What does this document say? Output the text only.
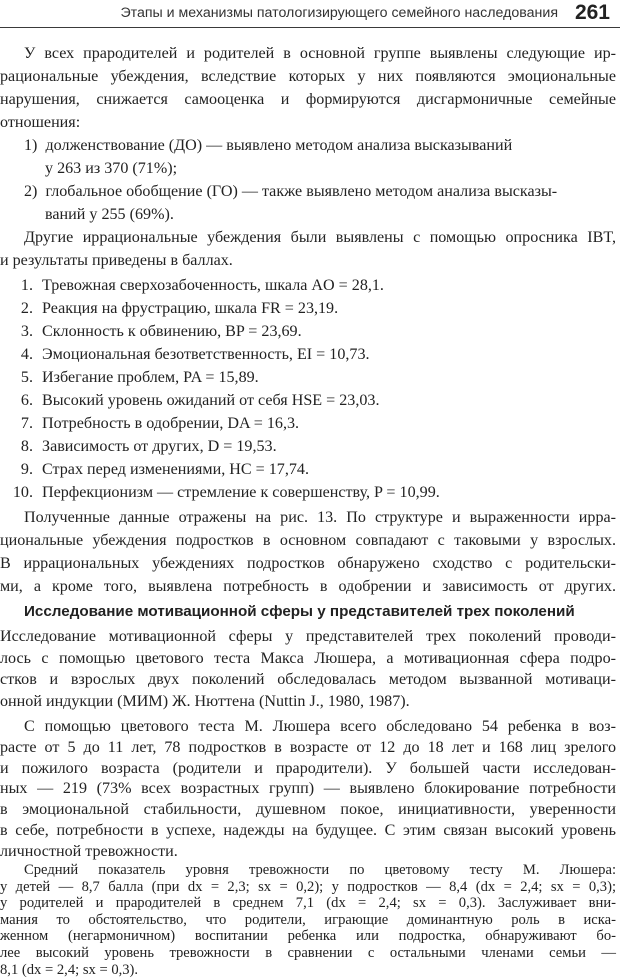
Этапы и механизмы патологизирующего семейного наследования 261

У всех прародителей и родителей в основной группе выявлены следующие ир-

рациональные убеждения, вследствие которых у них появляются эмоциональные

нарушения, снижается самооценка и формируются дисгармоничные семейные

отношения:

1) долженствование (ДО) — выявлено методом анализа высказываний

у 263 из 370 (71%);

2) глобальное обобщение (ГО) — также выявлено методом анализа высказы-

ваний у 255 (69%).

Другие иррациональные убеждения были выявлены с помощью опросника IBT,

и результаты приведены в баллах.

1. Тревожная сверхозабоченность, шкала AO = 28,1.

2. Реакция на фрустрацию, шкала FR = 23,19.

3. Склонность к обвинению, BP = 23,69.

4. Эмоциональная безответственность, EI = 10,73.

5. Избегание проблем, PA = 15,89.

6. Высокий уровень ожиданий от себя HSE = 23,03.

7. Потребность в одобрении, DA = 16,3.

8. Зависимость от других, D = 19,53.

9. Страх перед изменениями, HC = 17,74.

10. Перфекционизм — стремление к совершенству, P = 10,99.

Полученные данные отражены на рис. 13. По структуре и выраженности ирра-

циональные убеждения подростков в основном совпадают с таковыми у взрослых.

В иррациональных убеждениях подростков обнаружено сходство с родительски-

ми, а кроме того, выявлена потребность в одобрении и зависимость от других.

Исследование мотивационной сферы у представителей трех поколений

Исследование мотивационной сферы у представителей трех поколений проводи-

лось с помощью цветового теста Макса Люшера, а мотивационная сфера подро-

стков и взрослых двух поколений обследовалась методом вызванной мотиваци-

онной индукции (МИМ) Ж. Нюттена (Nuttin J., 1980, 1987).

С помощью цветового теста М. Люшера всего обследовано 54 ребенка в воз-

расте от 5 до 11 лет, 78 подростков в возрасте от 12 до 18 лет и 168 лиц зрелого

и пожилого возраста (родители и прародители). У большей части исследован-

ных — 219 (73% всех возрастных групп) — выявлено блокирование потребности

в эмоциональной стабильности, душевном покое, инициативности, уверенности

в себе, потребности в успехе, надежды на будущее. С этим связан высокий уровень

личностной тревожности.

Средний показатель уровня тревожности по цветовому тесту М. Люшера:

у детей — 8,7 балла (при dx = 2,3; sx = 0,2); у подростков — 8,4 (dx = 2,4; sx = 0,3);

у родителей и прародителей в среднем 7,1 (dx = 2,4; sx = 0,3). Заслуживает вни-

мания то обстоятельство, что родители, играющие доминантную роль в иска-

женном (негармоничном) воспитании ребенка или подростка, обнаруживают бо-

лее высокий уровень тревожности в сравнении с остальными членами семьи —

8,1 (dx = 2,4; sx = 0,3).
